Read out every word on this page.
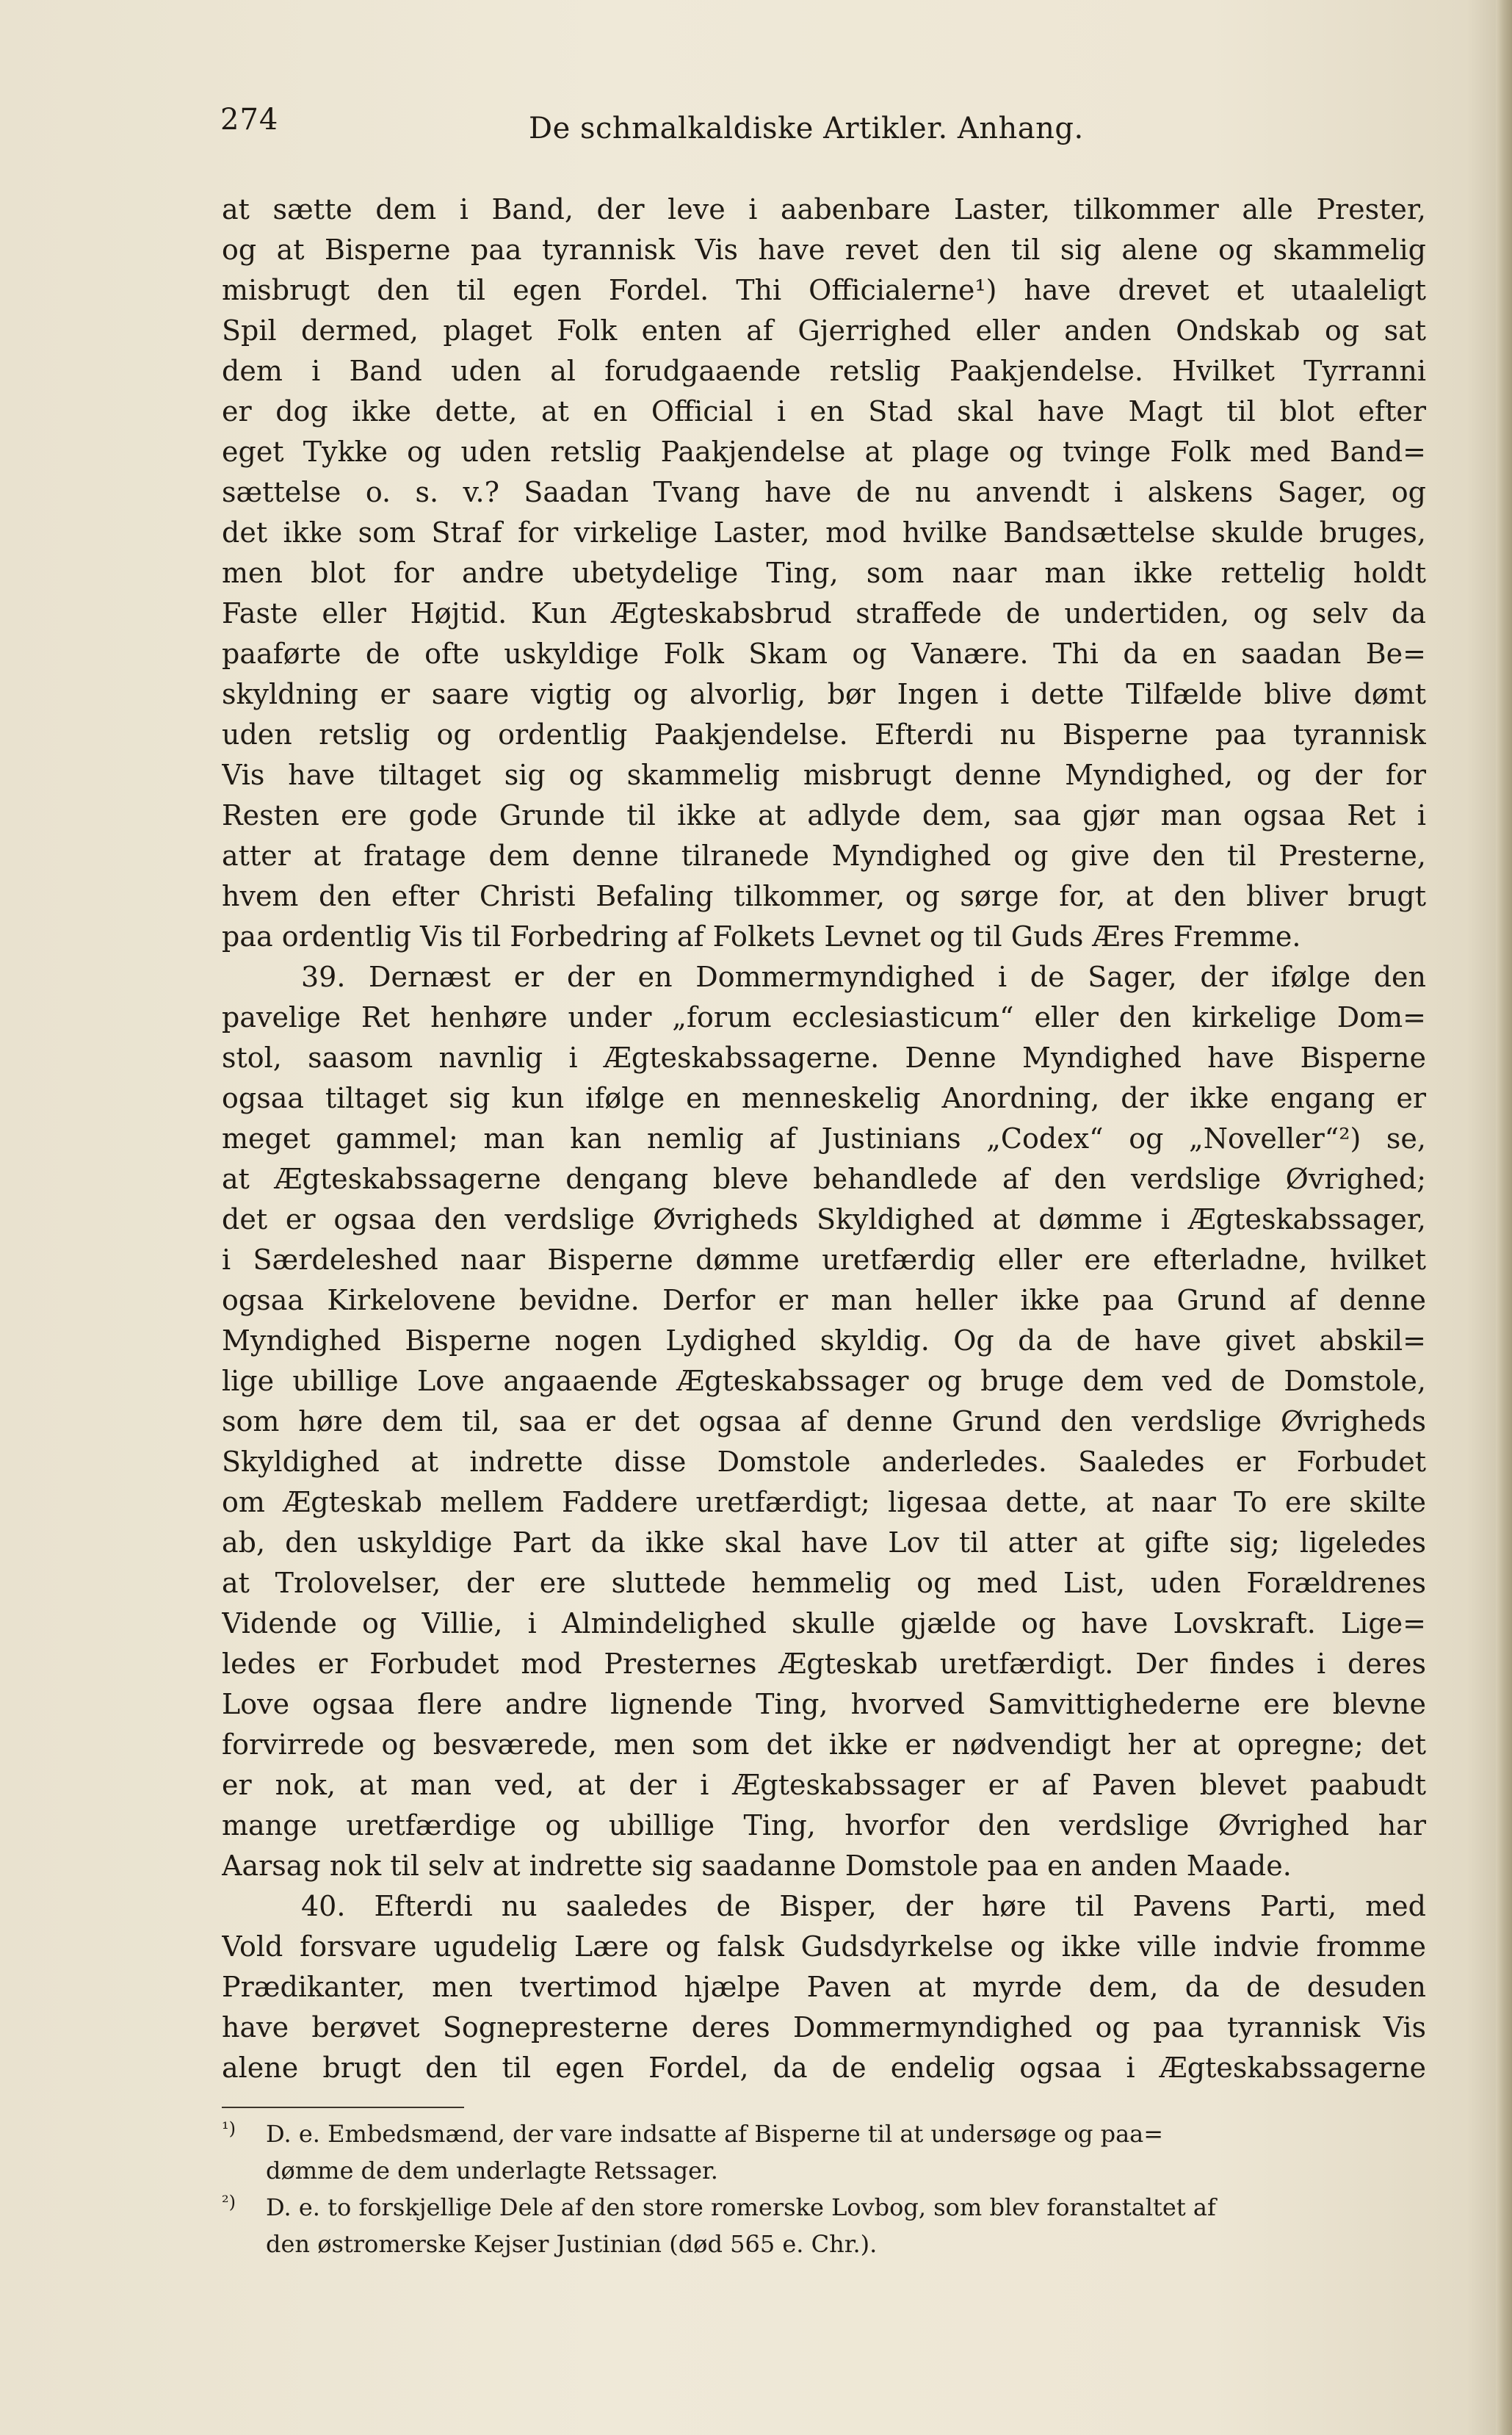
274	De schmalkaldiske Artikler. Anhang.
at sætte dem i Band, der leve i aabenbare Laster, tilkommer alle Prester,
og at Bisperne paa tyrannisk Vis have revet den til sig alene og skammelig
misbrugt den til egen Fordel. Thi Officialerne¹) have drevet et utaaleligt
Spil dermed, plaget Folk enten af Gjerrighed eller anden Ondskab og sat
dem i Band uden al forudgaaende retslig Paakjendelse. Hvilket Tyrranni
er dog ikke dette, at en Official i en Stad skal have Magt til blot efter
eget Tykke og uden retslig Paakjendelse at plage og tvinge Folk med Band=
sættelse o. s. v.? Saadan Tvang have de nu anvendt i alskens Sager, og
det ikke som Straf for virkelige Laster, mod hvilke Bandsættelse skulde bruges,
men blot for andre ubetydelige Ting, som naar man ikke rettelig holdt
Faste eller Højtid. Kun Ægteskabsbrud straffede de undertiden, og selv da
paaførte de ofte uskyldige Folk Skam og Vanære. Thi da en saadan Be=
skyldning er saare vigtig og alvorlig, bør Ingen i dette Tilfælde blive dømt
uden retslig og ordentlig Paakjendelse. Efterdi nu Bisperne paa tyrannisk
Vis have tiltaget sig og skammelig misbrugt denne Myndighed, og der for
Resten ere gode Grunde til ikke at adlyde dem, saa gjør man ogsaa Ret i
atter at fratage dem denne tilranede Myndighed og give den til Presterne,
hvem den efter Christi Befaling tilkommer, og sørge for, at den bliver brugt
paa ordentlig Vis til Forbedring af Folkets Levnet og til Guds Æres Fremme.
39. Dernæst er der en Dommermyndighed i de Sager, der ifølge den
pavelige Ret henhøre under „forum ecclesiasticum“ eller den kirkelige Dom=
stol, saasom navnlig i Ægteskabssagerne. Denne Myndighed have Bisperne
ogsaa tiltaget sig kun ifølge en menneskelig Anordning, der ikke engang er
meget gammel; man kan nemlig af Justinians „Codex“ og „Noveller“²) se,
at Ægteskabssagerne dengang bleve behandlede af den verdslige Øvrighed;
det er ogsaa den verdslige Øvrigheds Skyldighed at dømme i Ægteskabssager,
i Særdeleshed naar Bisperne dømme uretfærdig eller ere efterladne, hvilket
ogsaa Kirkelovene bevidne. Derfor er man heller ikke paa Grund af denne
Myndighed Bisperne nogen Lydighed skyldig. Og da de have givet abskil=
lige ubillige Love angaaende Ægteskabssager og bruge dem ved de Domstole,
som høre dem til, saa er det ogsaa af denne Grund den verdslige Øvrigheds
Skyldighed at indrette disse Domstole anderledes. Saaledes er Forbudet
om Ægteskab mellem Faddere uretfærdigt; ligesaa dette, at naar To ere skilte
ab, den uskyldige Part da ikke skal have Lov til atter at gifte sig; ligeledes
at Trolovelser, der ere sluttede hemmelig og med List, uden Forældrenes
Vidende og Villie, i Almindelighed skulle gjælde og have Lovskraft. Lige=
ledes er Forbudet mod Presternes Ægteskab uretfærdigt. Der findes i deres
Love ogsaa flere andre lignende Ting, hvorved Samvittighederne ere blevne
forvirrede og besværede, men som det ikke er nødvendigt her at opregne; det
er nok, at man ved, at der i Ægteskabssager er af Paven blevet paabudt
mange uretfærdige og ubillige Ting, hvorfor den verdslige Øvrighed har
Aarsag nok til selv at indrette sig saadanne Domstole paa en anden Maade.
40. Efterdi nu saaledes de Bisper, der høre til Pavens Parti, med
Vold forsvare ugudelig Lære og falsk Gudsdyrkelse og ikke ville indvie fromme
Prædikanter, men tvertimod hjælpe Paven at myrde dem, da de desuden
have berøvet Sognepresterne deres Dommermyndighed og paa tyrannisk Vis
alene brugt den til egen Fordel, da de endelig ogsaa i Ægteskabssagerne
¹) D. e. Embedsmænd, der vare indsatte af Bisperne til at undersøge og paa=
dømme de dem underlagte Retssager.
²) D. e. to forskjellige Dele af den store romerske Lovbog, som blev foranstaltet af
den østromerske Kejser Justinian (død 565 e. Chr.).
